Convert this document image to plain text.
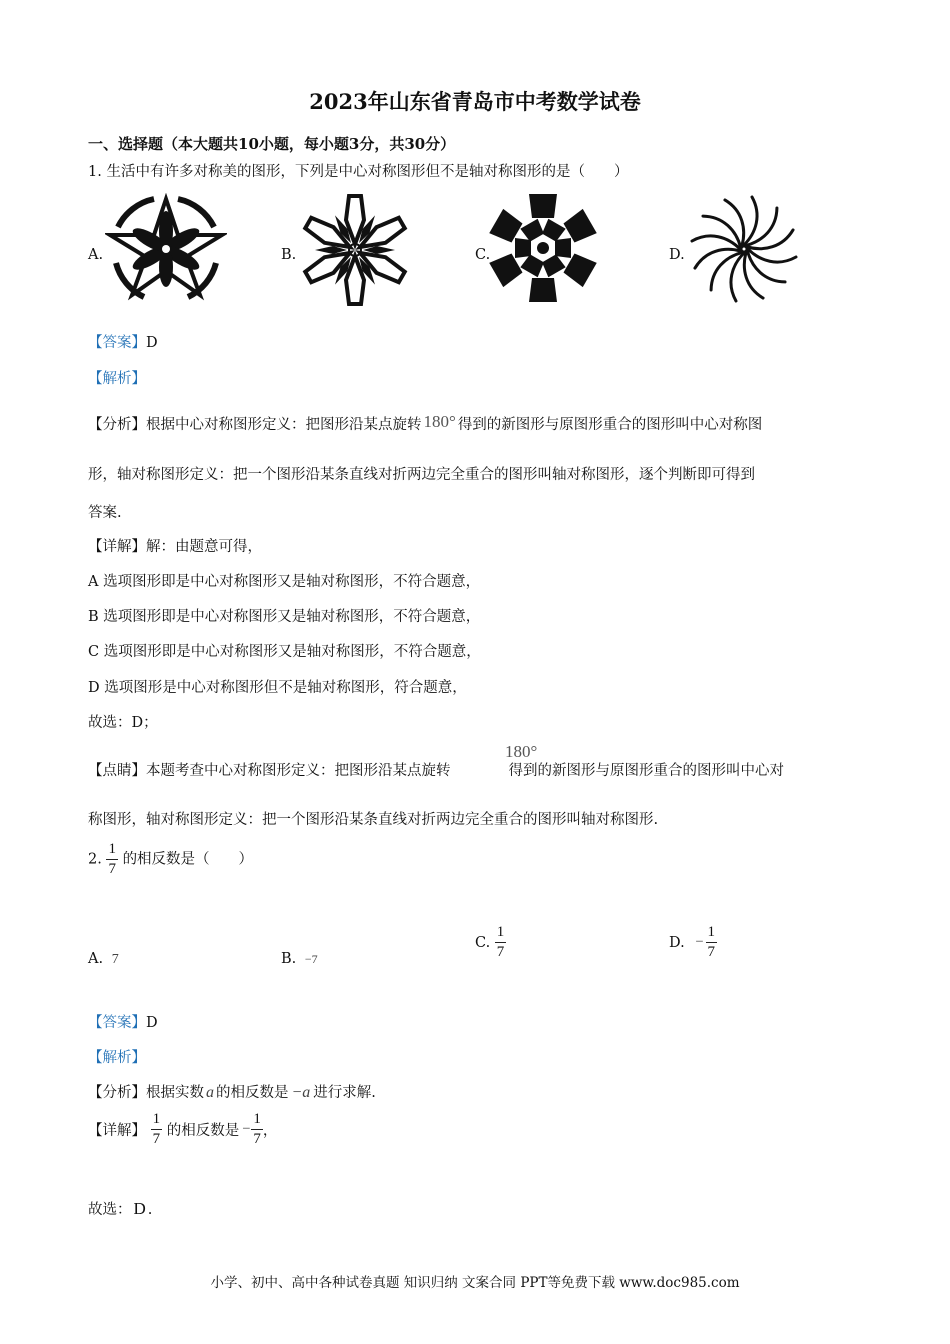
2023年山东省青岛市中考数学试卷
一、选择题（本大题共10小题，每小题3分，共30分）
1. 生活中有许多对称美的图形，下列是中心对称图形但不是轴对称图形的是（　　）
A.	B.	C.	D.
【答案】D
【解析】
【分析】根据中心对称图形定义：把图形沿某点旋转 180° 得到的新图形与原图形重合的图形叫中心对称图
形，轴对称图形定义：把一个图形沿某条直线对折两边完全重合的图形叫轴对称图形，逐个判断即可得到
答案.
【详解】解：由题意可得，
A 选项图形即是中心对称图形又是轴对称图形，不符合题意，
B 选项图形即是中心对称图形又是轴对称图形，不符合题意，
C 选项图形即是中心对称图形又是轴对称图形，不符合题意，
D 选项图形是中心对称图形但不是轴对称图形，符合题意，
故选：D；
【点睛】本题考查中心对称图形定义：把图形沿某点旋转	得到的新图形与原图形重合的图形叫中心对
180°
称图形，轴对称图形定义：把一个图形沿某条直线对折两边完全重合的图形叫轴对称图形.
2. $\frac{1}{7}$ 的相反数是（　　）
A. 7	B. −7
C. $\frac{1}{7}$	D. − $\frac{1}{7}$
【答案】D
【解析】
【分析】根据实数 a 的相反数是 −a 进行求解.
【详解】 $\frac{1}{7}$ 的相反数是 − $\frac{1}{7}$ ，
故选： D .
小学、初中、高中各种试卷真题 知识归纳 文案合同 PPT等免费下载 www.doc985.com
